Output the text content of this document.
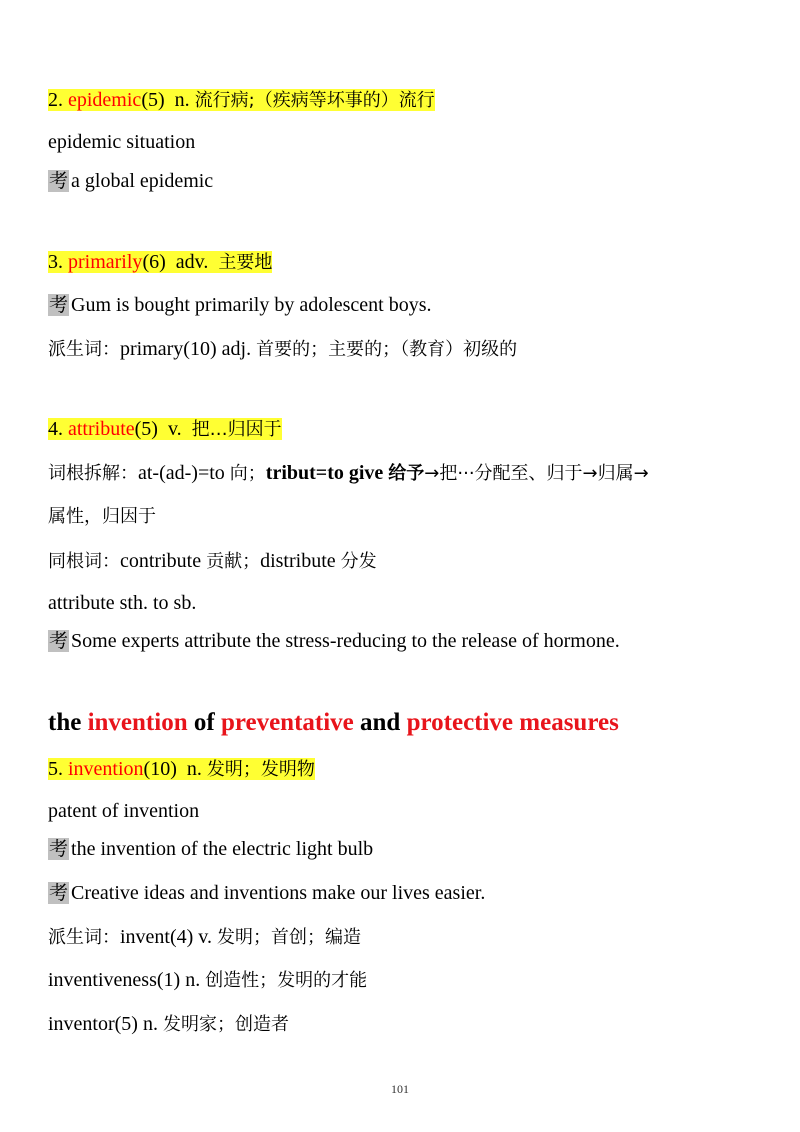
2. epidemic(5) n. 流行病;（疾病等坏事的）流行
epidemic situation
考 a global epidemic
3. primarily(6) adv. 主要地
考 Gum is bought primarily by adolescent boys.
派生词：primary(10) adj. 首要的；主要的；（教育）初级的
4. attribute(5) v. 把…归因于
词根拆解：at-(ad-)=to 向；tribut=to give 给予→把···分配至、归于→归属→
属性，归因于
同根词：contribute 贡献；distribute 分发
attribute sth. to sb.
考 Some experts attribute the stress-reducing to the release of hormone.
the invention of preventative and protective measures
5. invention(10) n. 发明；发明物
patent of invention
考 the invention of the electric light bulb
考 Creative ideas and inventions make our lives easier.
派生词：invent(4) v. 发明；首创；编造
inventiveness(1) n. 创造性；发明的才能
inventor(5) n. 发明家；创造者
101
